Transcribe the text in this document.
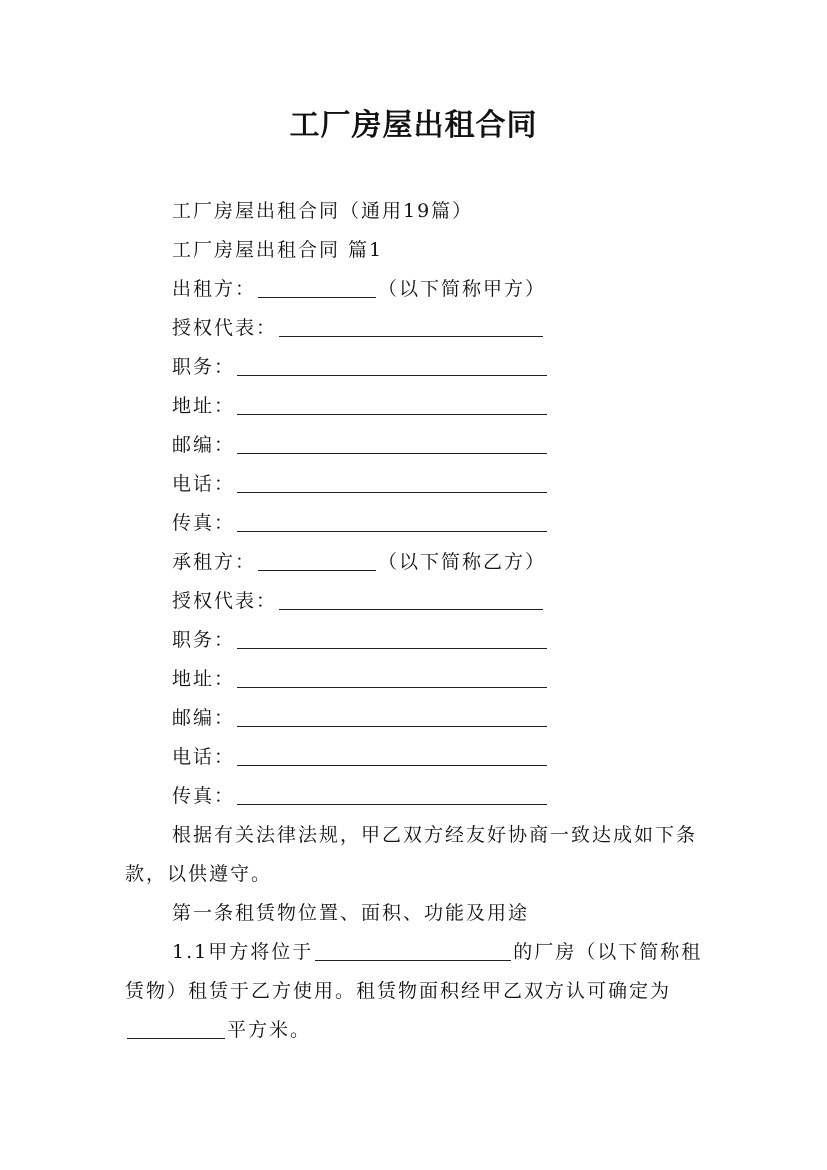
工厂房屋出租合同
工厂房屋出租合同（通用19篇）
工厂房屋出租合同 篇1
出租方：	（以下简称甲方）
授权代表：
职务：
地址：
邮编：
电话：
传真：
承租方：	（以下简称乙方）
授权代表：
职务：
地址：
邮编：
电话：
传真：
根据有关法律法规，甲乙双方经友好协商一致达成如下条款，以供遵守。
第一条租赁物位置、面积、功能及用途
1.1甲方将位于	的厂房（以下简称租赁物）租赁于乙方使用。租赁物面积经甲乙双方认可确定为平方米。
